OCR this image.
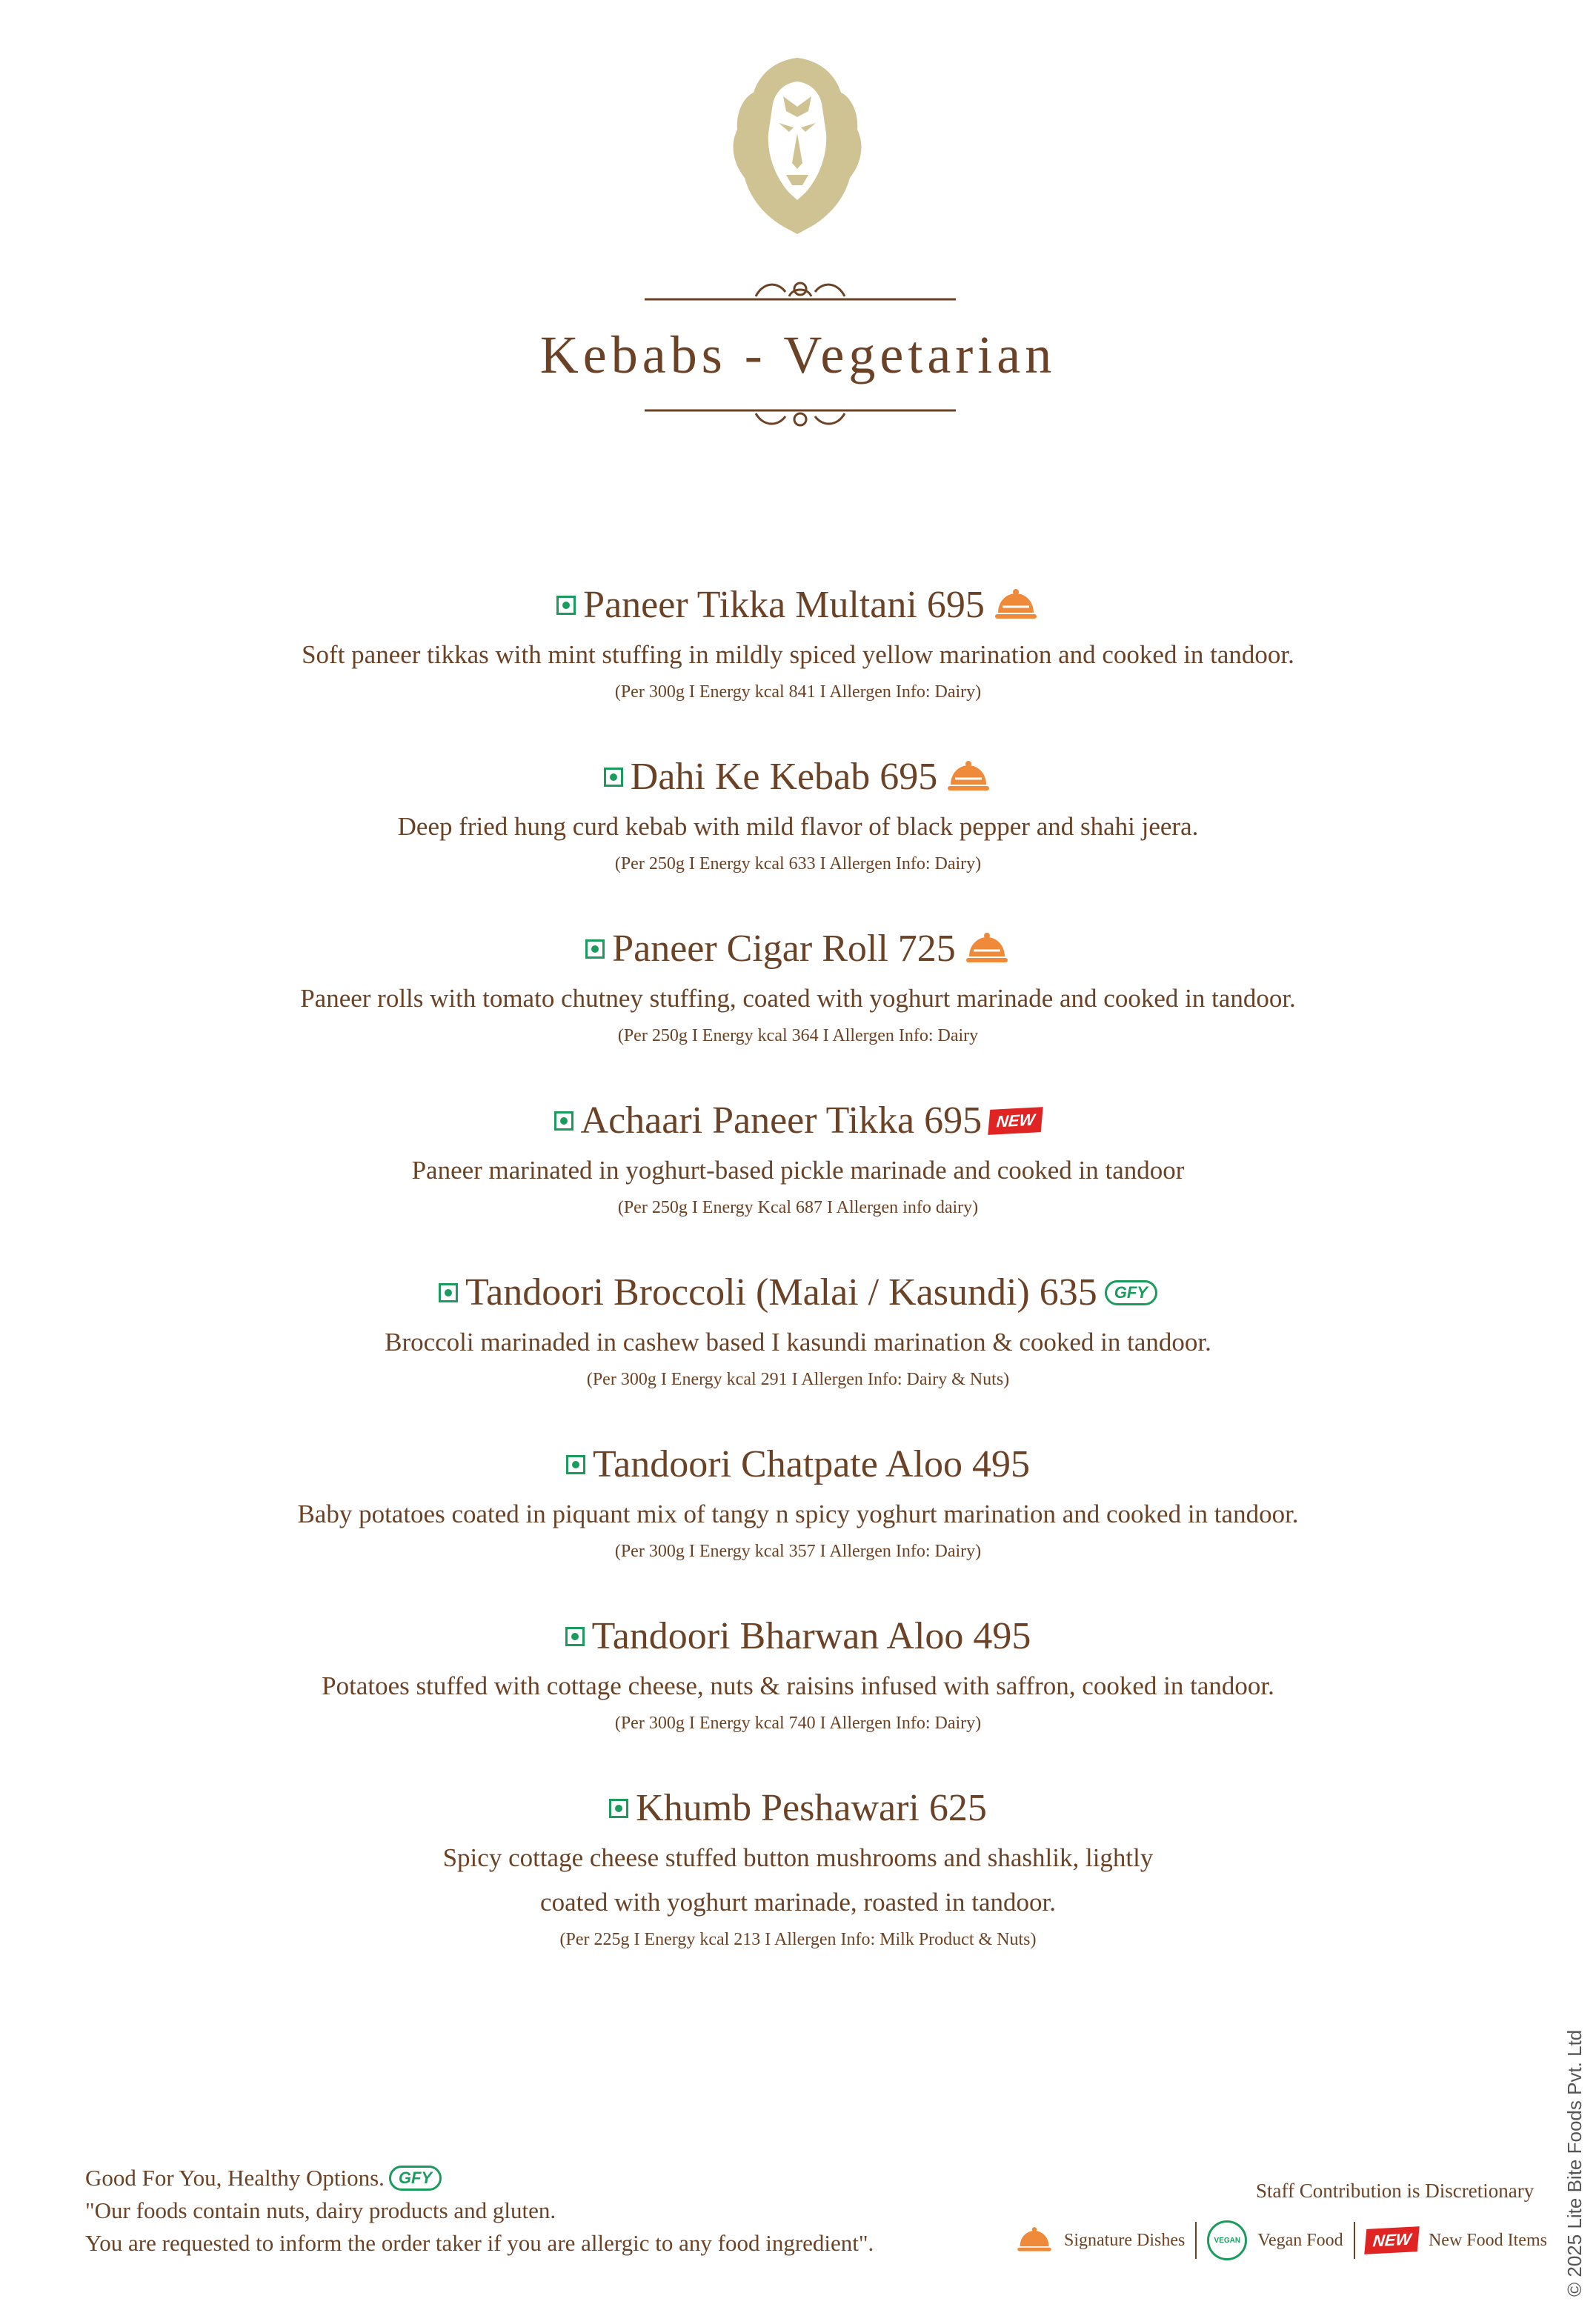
Kebabs - Vegetarian
Paneer Tikka Multani 695
Soft paneer tikkas with mint stuffing in mildly spiced yellow marination and cooked in tandoor.
(Per 300g I Energy kcal 841 I Allergen Info: Dairy)
Dahi Ke Kebab 695
Deep fried hung curd kebab with mild flavor of black pepper and shahi jeera.
(Per 250g I Energy kcal 633 I Allergen Info: Dairy)
Paneer Cigar Roll 725
Paneer rolls with tomato chutney stuffing, coated with yoghurt marinade and cooked in tandoor.
(Per 250g I Energy kcal 364 I Allergen Info: Dairy
Achaari Paneer Tikka 695 NEW
Paneer marinated in yoghurt-based pickle marinade and cooked in tandoor
(Per 250g I Energy Kcal 687 I Allergen info dairy)
Tandoori Broccoli (Malai / Kasundi) 635	GFY
Broccoli marinaded in cashew based I kasundi marination & cooked in tandoor.
(Per 300g I Energy kcal 291 I Allergen Info: Dairy & Nuts)
Tandoori Chatpate Aloo 495
Baby potatoes coated in piquant mix of tangy n spicy yoghurt marination and cooked in tandoor.
(Per 300g I Energy kcal 357 I Allergen Info: Dairy)
Tandoori Bharwan Aloo 495
Potatoes stuffed with cottage cheese, nuts & raisins infused with saffron, cooked in tandoor.
(Per 300g I Energy kcal 740 I Allergen Info: Dairy)
Khumb Peshawari 625
Spicy cottage cheese stuffed button mushrooms and shashlik, lightly
coated with yoghurt marinade, roasted in tandoor.
(Per 225g I Energy kcal 213 I Allergen Info: Milk Product & Nuts)
Good For You, Healthy Options. GFY
"Our foods contain nuts, dairy products and gluten.
You are requested to inform the order taker if you are allergic to any food ingredient".
Staff Contribution is Discretionary
Signature Dishes	VEGAN Vegan Food	NEW New Food Items © 2025 Lite Bite Foods Pvt. Ltd
